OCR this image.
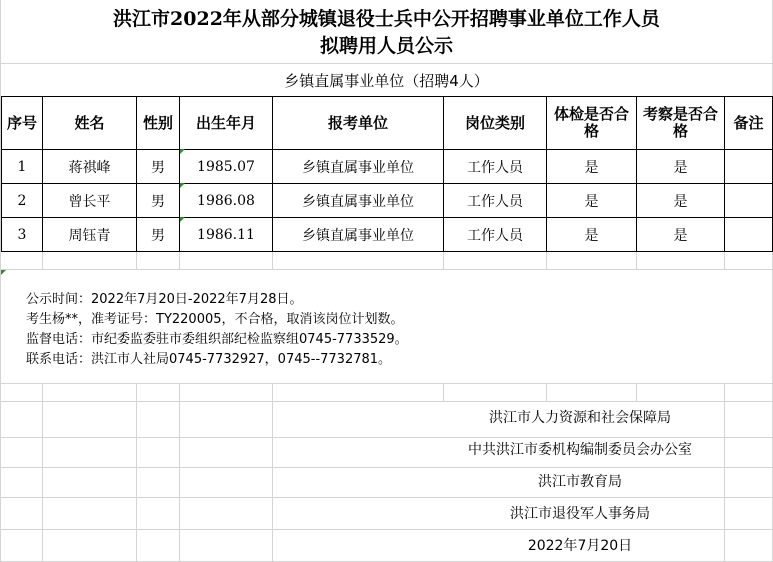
洪江市2022年从部分城镇退役士兵中公开招聘事业单位工作人员
拟聘用人员公示
乡镇直属事业单位（招聘4人）
序号	姓名	性别	出生年月	报考单位	岗位类别	体检是否合格	考察是否合格	备注
1	蒋祺峰	男	1985.07	乡镇直属事业单位	工作人员	是	是	
2	曾长平	男	1986.08	乡镇直属事业单位	工作人员	是	是	
3	周钰青	男	1986.11	乡镇直属事业单位	工作人员	是	是	
公示时间：2022年7月20日-2022年7月28日。
考生杨**，准考证号：TY220005，不合格，取消该岗位计划数。
监督电话：市纪委监委驻市委组织部纪检监察组0745-7733529。
联系电话：洪江市人社局0745-7732927，0745--7732781。
洪江市人力资源和社会保障局
中共洪江市委机构编制委员会办公室
洪江市教育局
洪江市退役军人事务局
2022年7月20日
